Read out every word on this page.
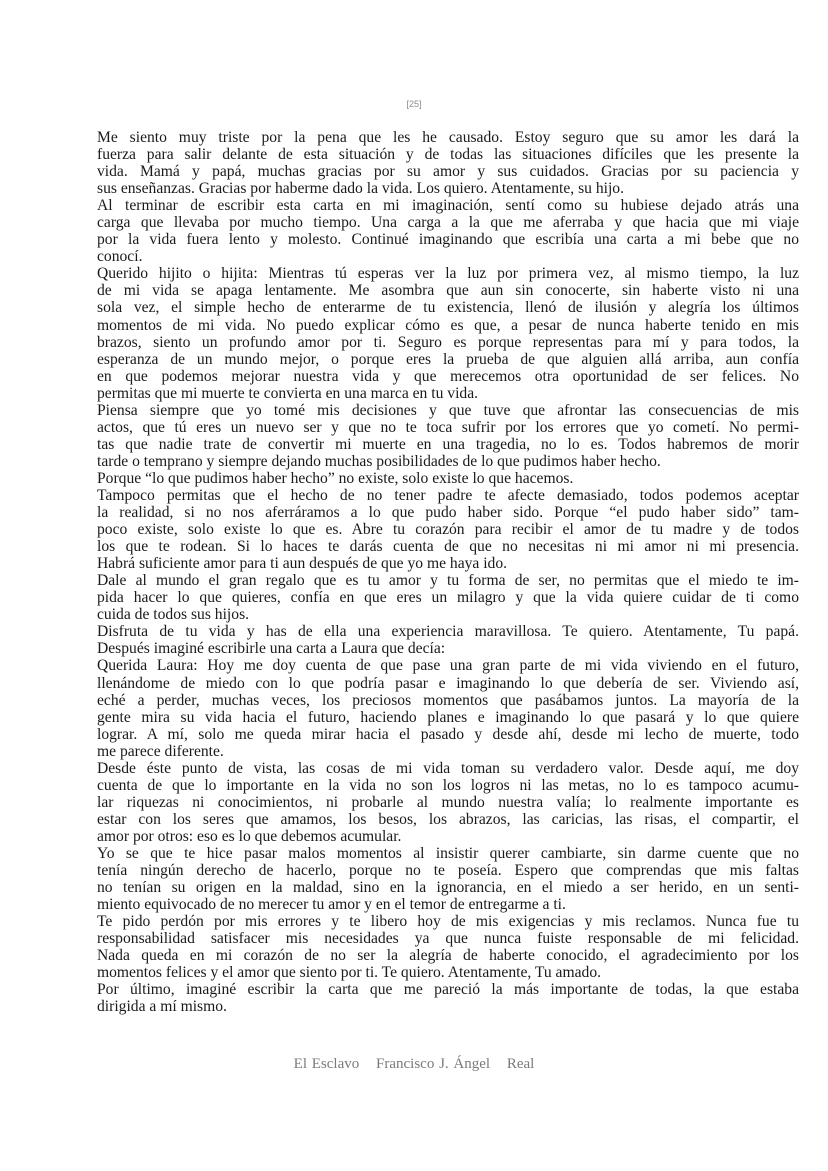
[25]
Me siento muy triste por la pena que les he causado. Estoy seguro que su amor les dará la
fuerza para salir delante de esta situación y de todas las situaciones difíciles que les presente la
vida. Mamá y papá, muchas gracias por su amor y sus cuidados. Gracias por su paciencia y
sus enseñanzas. Gracias por haberme dado la vida. Los quiero. Atentamente, su hijo.
Al terminar de escribir esta carta en mi imaginación, sentí como su hubiese dejado atrás una
carga que llevaba por mucho tiempo. Una carga a la que me aferraba y que hacia que mi viaje
por la vida fuera lento y molesto. Continué imaginando que escribía una carta a mi bebe que no
conocí.
Querido hijito o hijita: Mientras tú esperas ver la luz por primera vez, al mismo tiempo, la luz
de mi vida se apaga lentamente. Me asombra que aun sin conocerte, sin haberte visto ni una
sola vez, el simple hecho de enterarme de tu existencia, llenó de ilusión y alegría los últimos
momentos de mi vida. No puedo explicar cómo es que, a pesar de nunca haberte tenido en mis
brazos, siento un profundo amor por ti. Seguro es porque representas para mí y para todos, la
esperanza de un mundo mejor, o porque eres la prueba de que alguien allá arriba, aun confía
en que podemos mejorar nuestra vida y que merecemos otra oportunidad de ser felices. No
permitas que mi muerte te convierta en una marca en tu vida.
Piensa siempre que yo tomé mis decisiones y que tuve que afrontar las consecuencias de mis
actos, que tú eres un nuevo ser y que no te toca sufrir por los errores que yo cometí. No permi-
tas que nadie trate de convertir mi muerte en una tragedia, no lo es. Todos habremos de morir
tarde o temprano y siempre dejando muchas posibilidades de lo que pudimos haber hecho.
Porque “lo que pudimos haber hecho” no existe, solo existe lo que hacemos.
Tampoco permitas que el hecho de no tener padre te afecte demasiado, todos podemos aceptar
la realidad, si no nos aferráramos a lo que pudo haber sido. Porque “el pudo haber sido” tam-
poco existe, solo existe lo que es. Abre tu corazón para recibir el amor de tu madre y de todos
los que te rodean. Si lo haces te darás cuenta de que no necesitas ni mi amor ni mi presencia.
Habrá suficiente amor para ti aun después de que yo me haya ido.
Dale al mundo el gran regalo que es tu amor y tu forma de ser, no permitas que el miedo te im-
pida hacer lo que quieres, confía en que eres un milagro y que la vida quiere cuidar de ti como
cuida de todos sus hijos.
Disfruta de tu vida y has de ella una experiencia maravillosa. Te quiero. Atentamente, Tu papá.
Después imaginé escribirle una carta a Laura que decía:
Querida Laura: Hoy me doy cuenta de que pase una gran parte de mi vida viviendo en el futuro,
llenándome de miedo con lo que podría pasar e imaginando lo que debería de ser. Viviendo así,
eché a perder, muchas veces, los preciosos momentos que pasábamos juntos. La mayoría de la
gente mira su vida hacia el futuro, haciendo planes e imaginando lo que pasará y lo que quiere
lograr. A mí, solo me queda mirar hacia el pasado y desde ahí, desde mi lecho de muerte, todo
me parece diferente.
Desde éste punto de vista, las cosas de mi vida toman su verdadero valor. Desde aquí, me doy
cuenta de que lo importante en la vida no son los logros ni las metas, no lo es tampoco acumu-
lar riquezas ni conocimientos, ni probarle al mundo nuestra valía; lo realmente importante es
estar con los seres que amamos, los besos, los abrazos, las caricias, las risas, el compartir, el
amor por otros: eso es lo que debemos acumular.
Yo se que te hice pasar malos momentos al insistir querer cambiarte, sin darme cuente que no
tenía ningún derecho de hacerlo, porque no te poseía. Espero que comprendas que mis faltas
no tenían su origen en la maldad, sino en la ignorancia, en el miedo a ser herido, en un senti-
miento equivocado de no merecer tu amor y en el temor de entregarme a ti.
Te pido perdón por mis errores y te libero hoy de mis exigencias y mis reclamos. Nunca fue tu
responsabilidad satisfacer mis necesidades ya que nunca fuiste responsable de mi felicidad.
Nada queda en mi corazón de no ser la alegría de haberte conocido, el agradecimiento por los
momentos felices y el amor que siento por ti. Te quiero. Atentamente, Tu amado.
Por último, imaginé escribir la carta que me pareció la más importante de todas, la que estaba
dirigida a mí mismo.
El Esclavo Francisco J. Ángel Real
